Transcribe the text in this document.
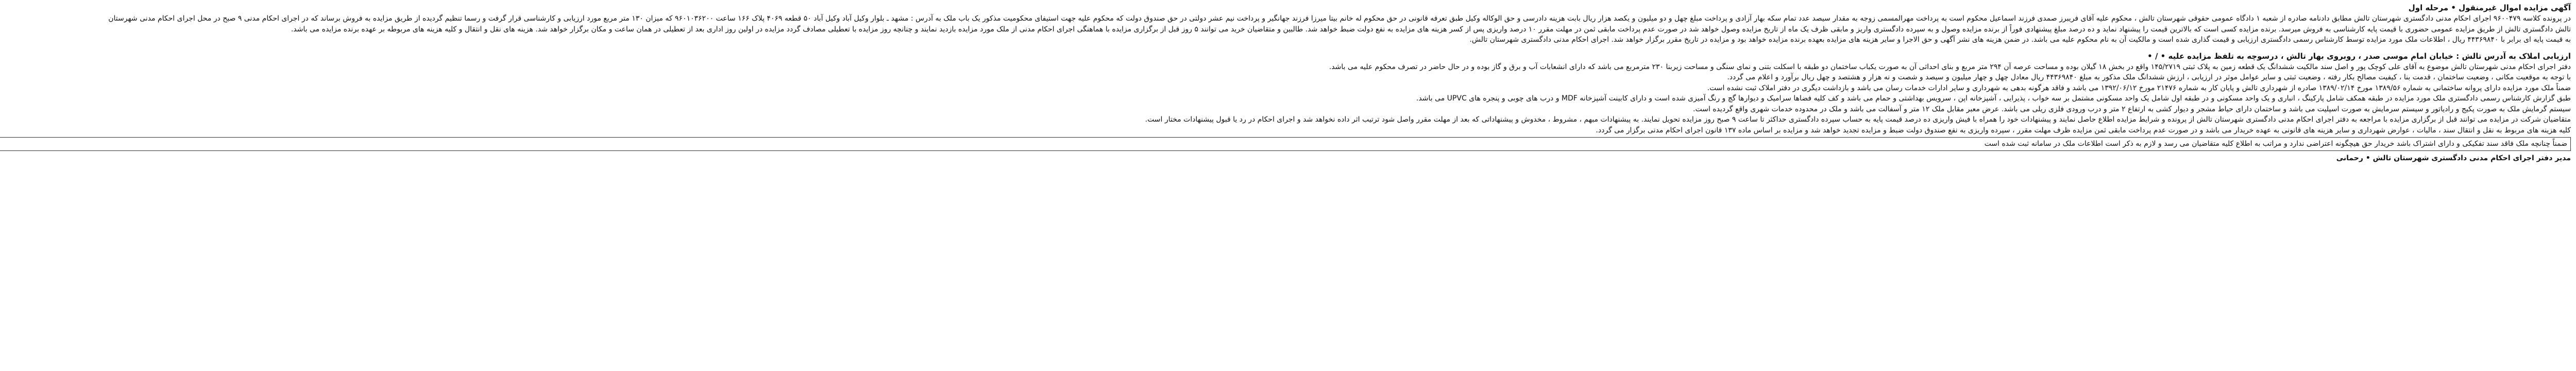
آگهی مزایده اموال غیرمنقول • مرحله اول
در پرونده کلاسه ۹۶۰۰۴۷۹ اجرای احکام مدنی دادگستری شهرستان تالش مطابق دادنامه صادره از شعبه ۱ دادگاه عمومی حقوقی شهرستان تالش ، محکوم علیه آقای فریبرز صمدی فرزند اسماعیل محکوم است به پرداخت مهرالمسمی زوجه به مقدار سیصد عدد تمام سکه بهار آزادی و پرداخت مبلغ چهل و دو میلیون و یکصد هزار ریال بابت هزینه دادرسی و حق الوکاله وکیل طبق تعرفه قانونی در حق محکوم له خانم بیتا میرزا فرزند جهانگیر و پرداخت نیم عشر دولتی در حق صندوق دولت که محکوم علیه جهت استیفای محکومیت مذکور یک باب ملک به آدرس : مشهد ـ بلوار وکیل آباد وکیل آباد ۵۰ قطعه ۴۰۶۹ پلاک ۱۶۶ ساعت ۹۶۰۱۰۳۶۲۰۰ که میزان ۱۳۰ متر مربع مورد ارزیابی و کارشناسی قرار گرفت و رسما تنظیم گردیده از طریق مزایده به فروش برساند که در اجرای احکام مدنی ۹ صبح در محل اجرای احکام مدنی شهرستان
تالش دادگستری تالش از طریق مزایده عمومی حضوری با قیمت پایه کارشناسی به فروش میرسد. برنده مزایده کسی است که بالاترین قیمت را پیشنهاد نماید و ده درصد مبلغ پیشنهادی فوراً از برنده مزایده وصول و به سپرده دادگستری واریز و مابقی ظرف یک ماه از تاریخ مزایده وصول خواهد شد در صورت عدم پرداخت مابقی ثمن در مهلت مقرر ۱۰ درصد واریزی پس از کسر هزینه های مزایده به نفع دولت ضبط خواهد شد. طالبین و متقاضیان خرید می توانند ۵ روز قبل از برگزاری مزایده با هماهنگی اجرای احکام مدنی از ملک مورد مزایده بازدید نمایند و چنانچه روز مزایده با تعطیلی مصادف گردد مزایده در اولین روز اداری بعد از تعطیلی در همان ساعت و مکان برگزار خواهد شد. هزینه های نقل و انتقال و کلیه هزینه های مربوطه بر عهده برنده مزایده می باشد.
به قیمت پایه ای برابر با ۴۴۳۶۹۸۴۰ ریال ، اطلاعات ملک مورد مزایده توسط کارشناس رسمی دادگستری ارزیابی و قیمت گذاری شده است و مالکیت آن به نام محکوم علیه می باشد. در ضمن هزینه های نشر آگهی و حق الاجرا و سایر هزینه های مزایده بعهده برنده مزایده خواهد بود و مزایده در تاریخ مقرر برگزار خواهد شد. اجرای احکام مدنی دادگستری شهرستان تالش.
ارزیابی املاک به آدرس تالش : خیابان امام موسی صدر ، روبروی بهار تالش ، درسوچه به تلفظ مزایده علیه • / •
دفتر اجرای احکام مدنی شهرستان تالش موضوع به آقای علی کوچک پور و اصل سند مالکیت ششدانگ یک قطعه زمین به پلاک ثبتی ۱۴۵/۲۷۱۹ واقع در بخش ۱۸ گیلان بوده و مساحت عرصه آن ۲۹۴ متر مربع و بنای احداثی آن به صورت یکباب ساختمان دو طبقه با اسکلت بتنی و نمای سنگی و مساحت زیربنا ۲۳۰ مترمربع می باشد که دارای انشعابات آب و برق و گاز بوده و در حال حاضر در تصرف محکوم علیه می باشد.
با توجه به موقعیت مکانی ، وضعیت ساختمان ، قدمت بنا ، کیفیت مصالح بکار رفته ، وضعیت ثبتی و سایر عوامل موثر در ارزیابی ، ارزش ششدانگ ملک مذکور به مبلغ ۴۴۳۶۹۸۴۰ ریال معادل چهل و چهار میلیون و سیصد و شصت و نه هزار و هشتصد و چهل ریال برآورد و اعلام می گردد.
ضمناً ملک مورد مزایده دارای پروانه ساختمانی به شماره ۱۳۸۹/۵۶ مورخ ۱۳۸۹/۰۲/۱۴ صادره از شهرداری تالش و پایان کار به شماره ۲۱۴۷۶ مورخ ۱۳۹۲/۰۶/۱۲ می باشد و فاقد هرگونه بدهی به شهرداری و سایر ادارات خدمات رسان می باشد و بازداشت دیگری در دفتر املاک ثبت نشده است.
طبق گزارش کارشناس رسمی دادگستری ملک مورد مزایده در طبقه همکف شامل پارکینگ ، انباری و یک واحد مسکونی و در طبقه اول شامل یک واحد مسکونی مشتمل بر سه خواب ، پذیرایی ، آشپزخانه اپن ، سرویس بهداشتی و حمام می باشد و کف کلیه فضاها سرامیک و دیوارها گچ و رنگ آمیزی شده است و دارای کابینت آشپزخانه MDF و درب های چوبی و پنجره های UPVC می باشد.
سیستم گرمایش ملک به صورت پکیج و رادیاتور و سیستم سرمایش به صورت اسپلیت می باشد و ساختمان دارای حیاط مشجر و دیوار کشی به ارتفاع ۲ متر و درب ورودی فلزی ریلی می باشد. عرض معبر مقابل ملک ۱۲ متر و آسفالت می باشد و ملک در محدوده خدمات شهری واقع گردیده است.
متقاضیان شرکت در مزایده می توانند قبل از برگزاری مزایده با مراجعه به دفتر اجرای احکام مدنی دادگستری شهرستان تالش از پرونده و شرایط مزایده اطلاع حاصل نمایند و پیشنهادات خود را همراه با فیش واریزی ده درصد قیمت پایه به حساب سپرده دادگستری حداکثر تا ساعت ۹ صبح روز مزایده تحویل نمایند. به پیشنهادات مبهم ، مشروط ، مخدوش و پیشنهاداتی که بعد از مهلت مقرر واصل شود ترتیب اثر داده نخواهد شد و اجرای احکام در رد یا قبول پیشنهادات مختار است.
کلیه هزینه های مربوط به نقل و انتقال سند ، مالیات ، عوارض شهرداری و سایر هزینه های قانونی به عهده خریدار می باشد و در صورت عدم پرداخت مابقی ثمن مزایده ظرف مهلت مقرر ، سپرده واریزی به نفع صندوق دولت ضبط و مزایده تجدید خواهد شد و مزایده بر اساس ماده ۱۳۷ قانون اجرای احکام مدنی برگزار می گردد.
ضمناً چنانچه ملک فاقد سند تفکیکی و دارای اشتراک باشد خریدار حق هیچگونه اعتراضی ندارد و مراتب به اطلاع کلیه متقاضیان می رسد و لازم به ذکر است اطلاعات ملک در سامانه ثبت شده است
مدیر دفتر اجرای احکام مدنی دادگستری شهرستان تالش • رحمانی
